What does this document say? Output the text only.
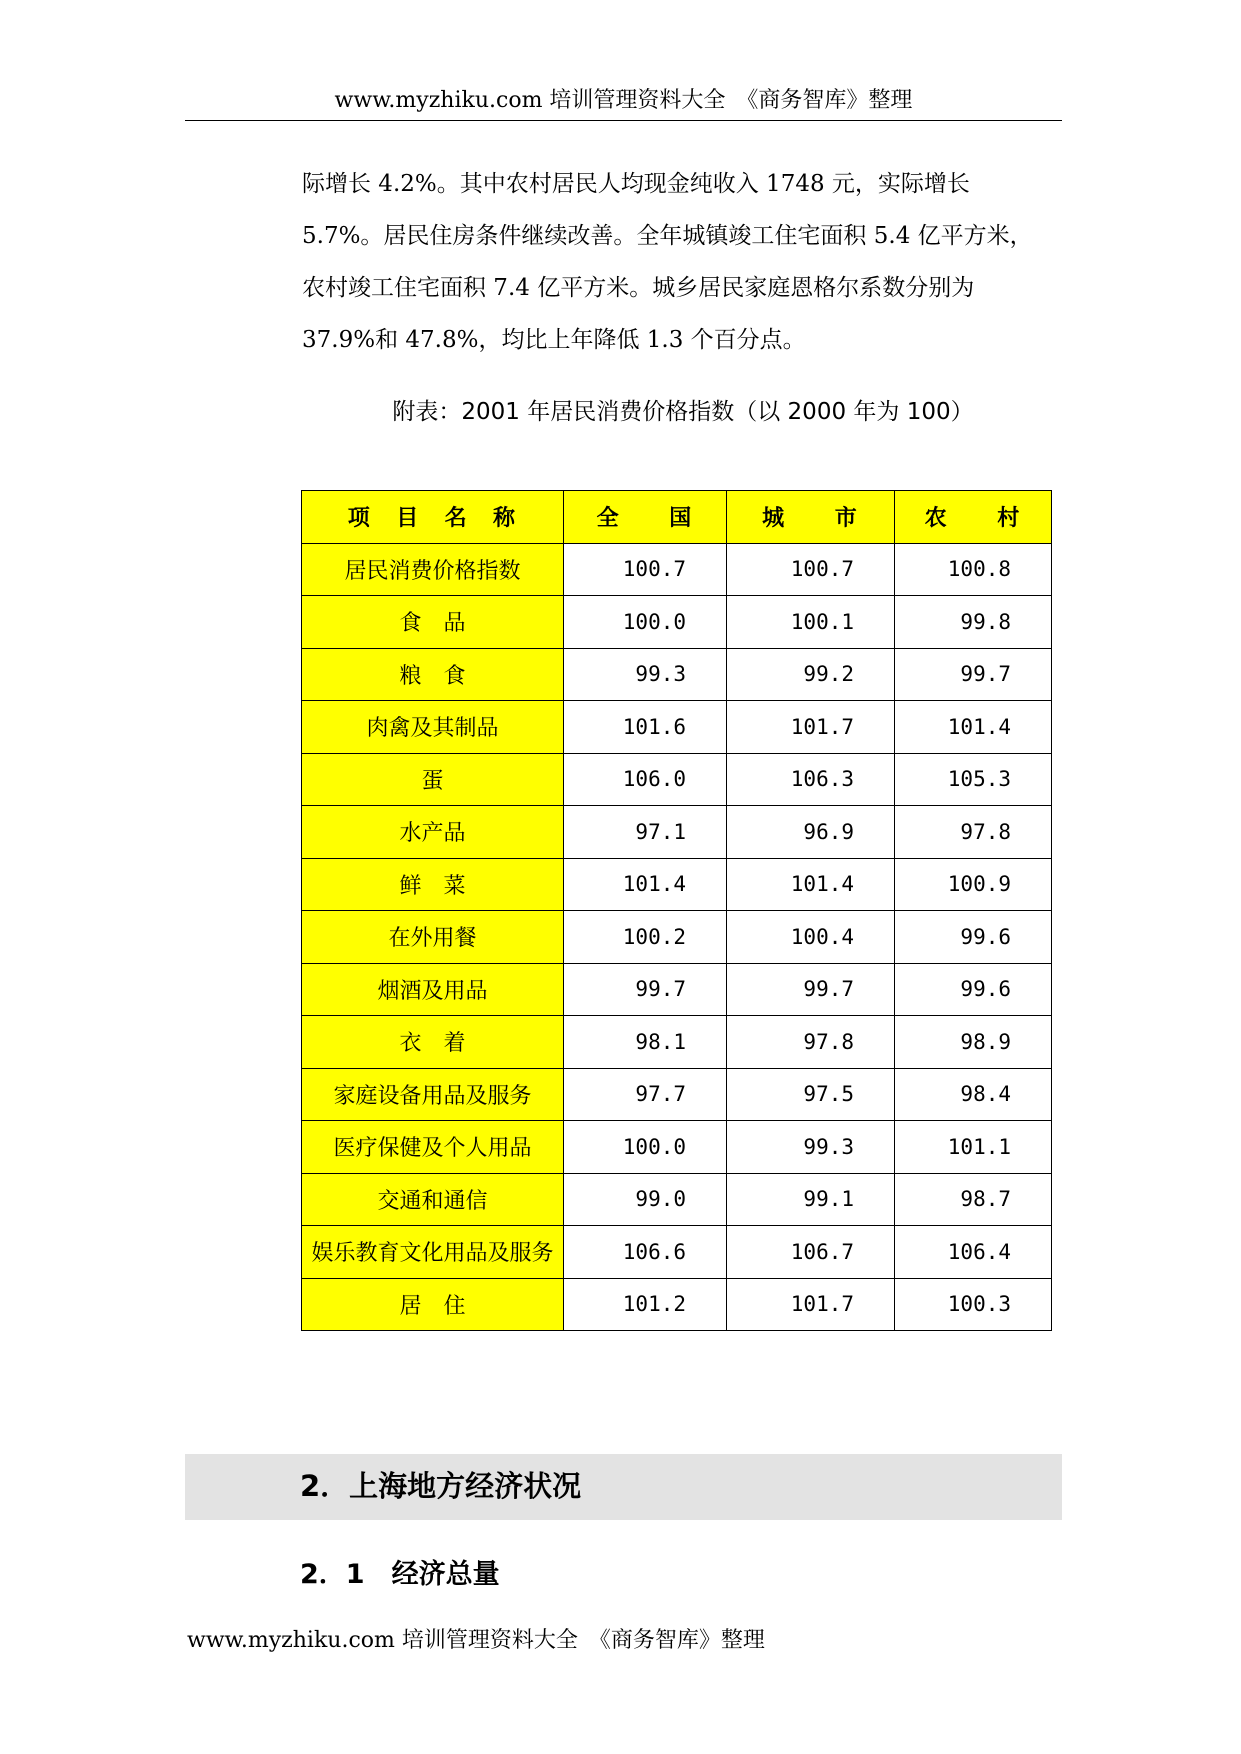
www.myzhiku.com 培训管理资料大全　《商务智库》整理

际增长 4.2%。其中农村居民人均现金纯收入 1748 元，实际增长
5.7%。居民住房条件继续改善。全年城镇竣工住宅面积 5.4 亿平方米，
农村竣工住宅面积 7.4 亿平方米。城乡居民家庭恩格尔系数分别为
37.9%和 47.8%，均比上年降低 1.3 个百分点。

附表：2001 年居民消费价格指数（以 2000 年为 100）
项　目　名　称	全　　国	城　　市	农　　村
居民消费价格指数	100.7	100.7	100.8
食　品	100.0	100.1	99.8
粮　食	99.3	99.2	99.7
肉禽及其制品	101.6	101.7	101.4
蛋	106.0	106.3	105.3
水产品	97.1	96.9	97.8
鲜　菜	101.4	101.4	100.9
在外用餐	100.2	100.4	99.6
烟酒及用品	99.7	99.7	99.6
衣　着	98.1	97.8	98.9
家庭设备用品及服务	97.7	97.5	98.4
医疗保健及个人用品	100.0	99.3	101.1
交通和通信	99.0	99.1	98.7
娱乐教育文化用品及服务	106.6	106.7	106.4
居　住	101.2	101.7	100.3
2．上海地方经济状况
2．1　经济总量
www.myzhiku.com 培训管理资料大全　《商务智库》整理
